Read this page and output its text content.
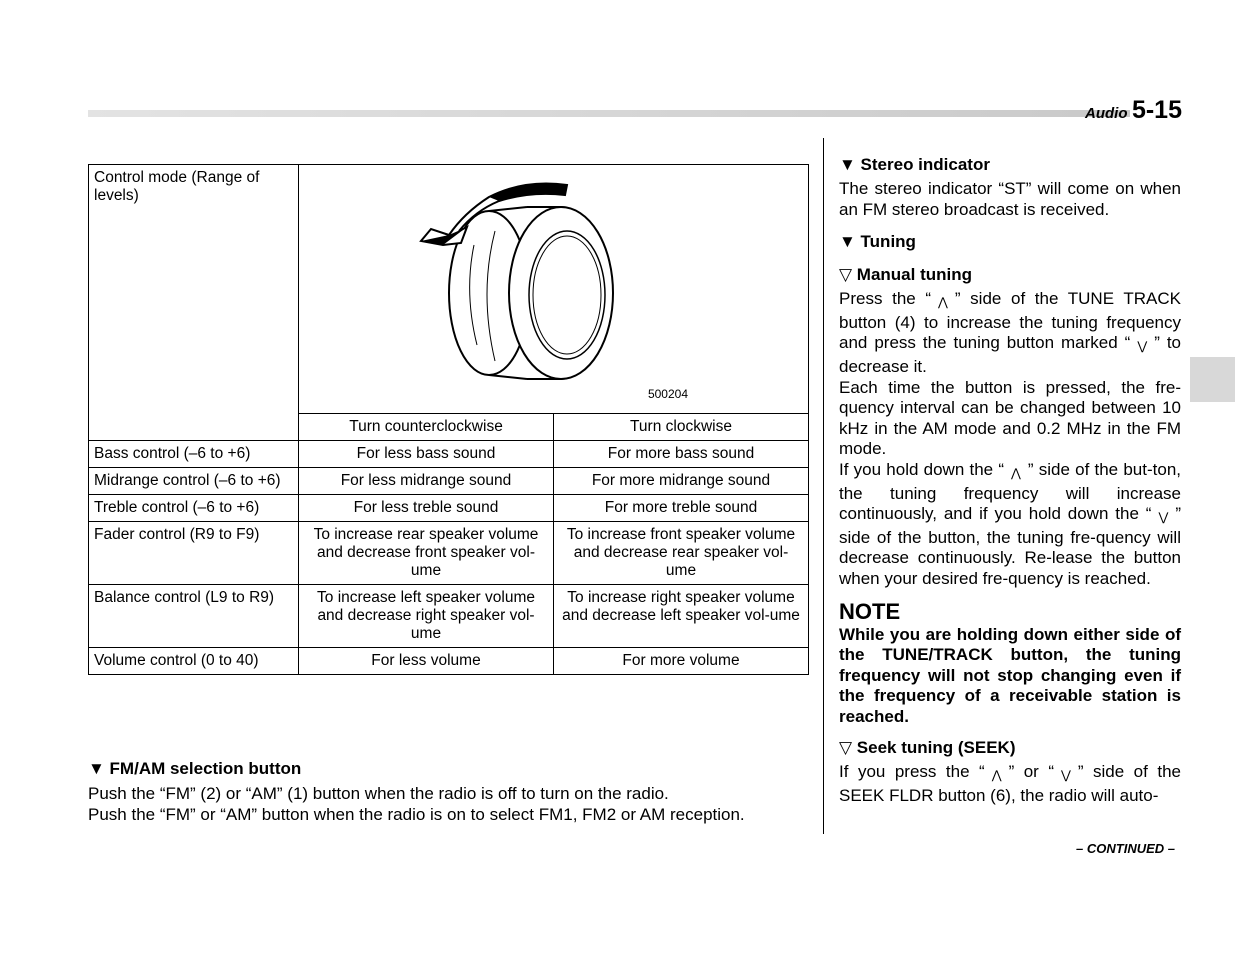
Audio 5-15
Control mode (Range of levels)	500204	

	Turn counterclockwise	Turn clockwise
Bass control (–6 to +6)	For less bass sound	For more bass sound
Midrange control (–6 to +6)	For less midrange sound	For more midrange sound
Treble control (–6 to +6)	For less treble sound	For more treble sound
Fader control (R9 to F9)	To increase rear speaker volume and decrease front speaker vol-ume	To increase front speaker volume and decrease rear speaker vol-ume
Balance control (L9 to R9)	To increase left speaker volume and decrease right speaker vol-ume	To increase right speaker volume and decrease left speaker vol-ume
Volume control (0 to 40)	For less volume	For more volume
▼ FM/AM selection button

Push the “FM” (2) or “AM” (1) button when the radio is off to turn on the radio.

Push the “FM” or “AM” button when the radio is on to select FM1, FM2 or AM reception.

▼ Stereo indicator

The stereo indicator “ST” will come on when an FM stereo broadcast is received.

▼ Tuning
▽ Manual tuning

Press the “ ⋀ ” side of the TUNE TRACK button (4) to increase the tuning frequency and press the tuning button marked “ ⋁ ” to decrease it.

Each time the button is pressed, the fre-quency interval can be changed between 10 kHz in the AM mode and 0.2 MHz in the FM mode.

If you hold down the “ ⋀ ” side of the but-ton, the tuning frequency will increase continuously, and if you hold down the “ ⋁ ” side of the button, the tuning fre-quency will decrease continuously. Re-lease the button when your desired fre-quency is reached.

NOTE

While you are holding down either side of the TUNE/TRACK button, the tuning frequency will not stop changing even if the frequency of a receivable station is reached.

▽ Seek tuning (SEEK)

If you press the “ ⋀ ” or “ ⋁ ” side of the SEEK FLDR button (6), the radio will auto-

– CONTINUED –
